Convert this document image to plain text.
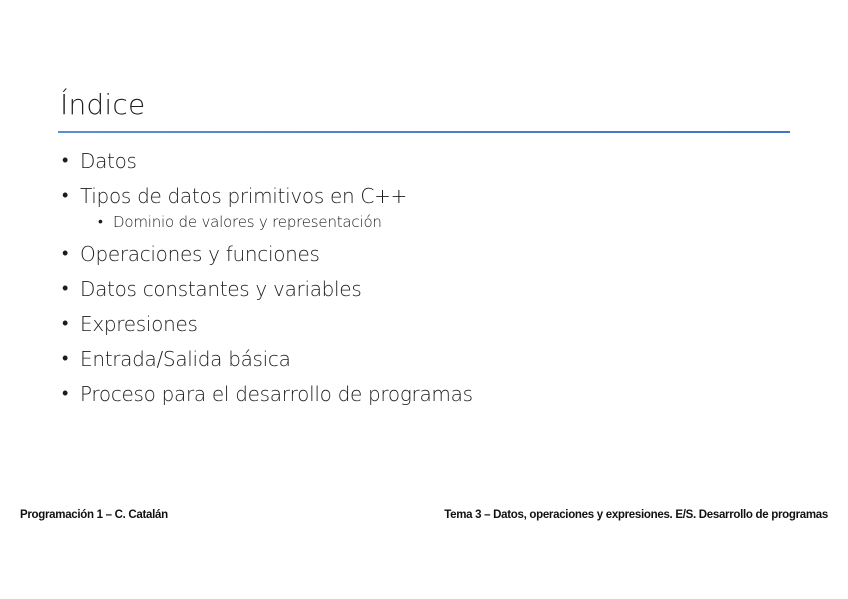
Índice
• Datos
• Tipos de datos primitivos en C++
• Dominio de valores y representación
• Operaciones y funciones
• Datos constantes y variables
• Expresiones
• Entrada/Salida básica
• Proceso para el desarrollo de programas
Programación 1 – C. Catalán	Tema 3 – Datos, operaciones y expresiones. E/S. Desarrollo de programas
